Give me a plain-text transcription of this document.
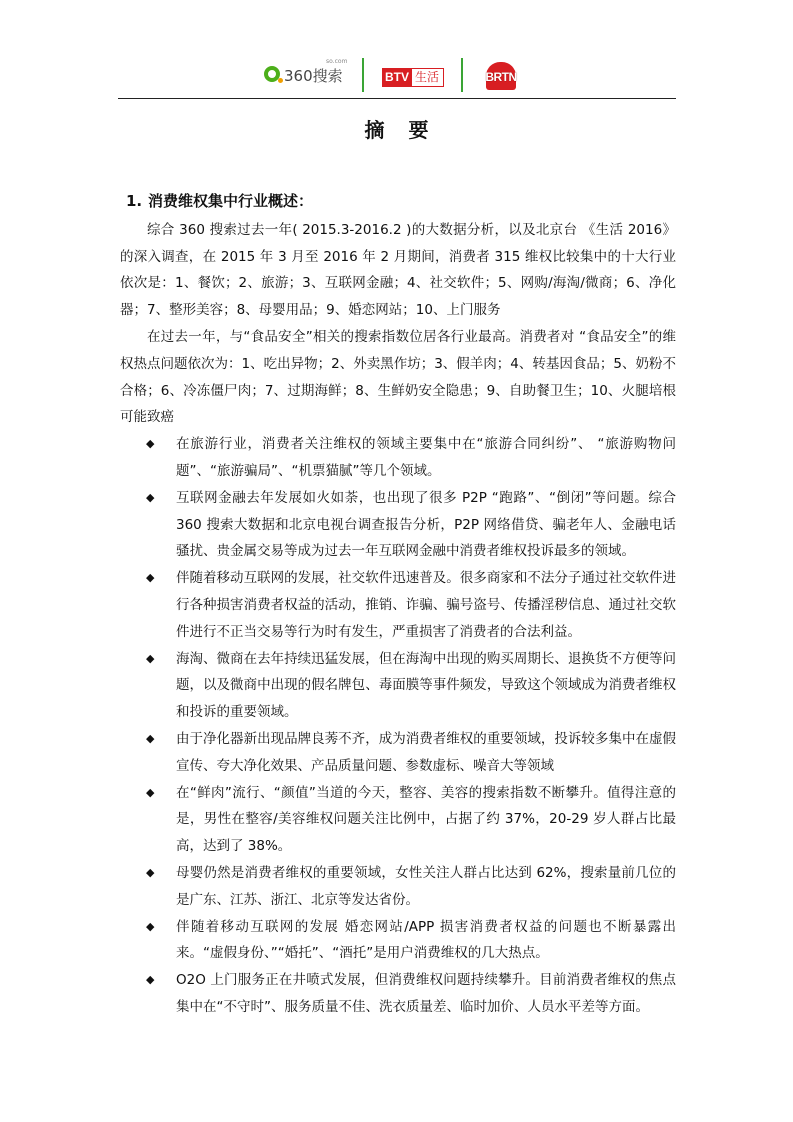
so.com
360搜索	BTV 生活	BRTN
摘要
1. 消费维权集中行业概述：

综合 360 搜索过去一年( 2015.3-2016.2 )的大数据分析，以及北京台 《生活 2016》的深入调查，在 2015 年 3 月至 2016 年 2 月期间，消费者 315 维权比较集中的十大行业依次是：1、餐饮；2、旅游；3、互联网金融；4、社交软件；5、网购/海淘/微商；6、净化器；7、整形美容；8、母婴用品；9、婚恋网站；10、上门服务

在过去一年，与“食品安全”相关的搜索指数位居各行业最高。消费者对 “食品安全”的维权热点问题依次为：1、吃出异物；2、外卖黑作坊；3、假羊肉；4、转基因食品；5、奶粉不合格；6、冷冻僵尸肉；7、过期海鲜；8、生鲜奶安全隐患；9、自助餐卫生；10、火腿培根可能致癌

◆ 在旅游行业，消费者关注维权的领域主要集中在“旅游合同纠纷”、 “旅游购物问题”、“旅游骗局”、“机票猫腻”等几个领域。
◆ 互联网金融去年发展如火如荼，也出现了很多 P2P “跑路”、“倒闭”等问题。综合 360 搜索大数据和北京电视台调查报告分析，P2P 网络借贷、骗老年人、金融电话骚扰、贵金属交易等成为过去一年互联网金融中消费者维权投诉最多的领域。
◆ 伴随着移动互联网的发展，社交软件迅速普及。很多商家和不法分子通过社交软件进行各种损害消费者权益的活动，推销、诈骗、骗号盗号、传播淫秽信息、通过社交软件进行不正当交易等行为时有发生，严重损害了消费者的合法利益。
◆ 海淘、微商在去年持续迅猛发展，但在海淘中出现的购买周期长、退换货不方便等问题，以及微商中出现的假名牌包、毒面膜等事件频发，导致这个领域成为消费者维权和投诉的重要领域。
◆ 由于净化器新出现品牌良莠不齐，成为消费者维权的重要领域，投诉较多集中在虚假宣传、夸大净化效果、产品质量问题、参数虚标、噪音大等领域
◆ 在“鲜肉”流行、“颜值”当道的今天，整容、美容的搜索指数不断攀升。值得注意的是，男性在整容/美容维权问题关注比例中，占据了约 37%，20-29 岁人群占比最高，达到了 38%。
◆ 母婴仍然是消费者维权的重要领域，女性关注人群占比达到 62%，搜索量前几位的是广东、江苏、浙江、北京等发达省份。
◆ 伴随着移动互联网的发展 婚恋网站/APP 损害消费者权益的问题也不断暴露出来。“虚假身份、”“婚托”、“酒托”是用户消费维权的几大热点。
◆ O2O 上门服务正在井喷式发展，但消费维权问题持续攀升。目前消费者维权的焦点集中在“不守时”、服务质量不佳、洗衣质量差、临时加价、人员水平差等方面。
